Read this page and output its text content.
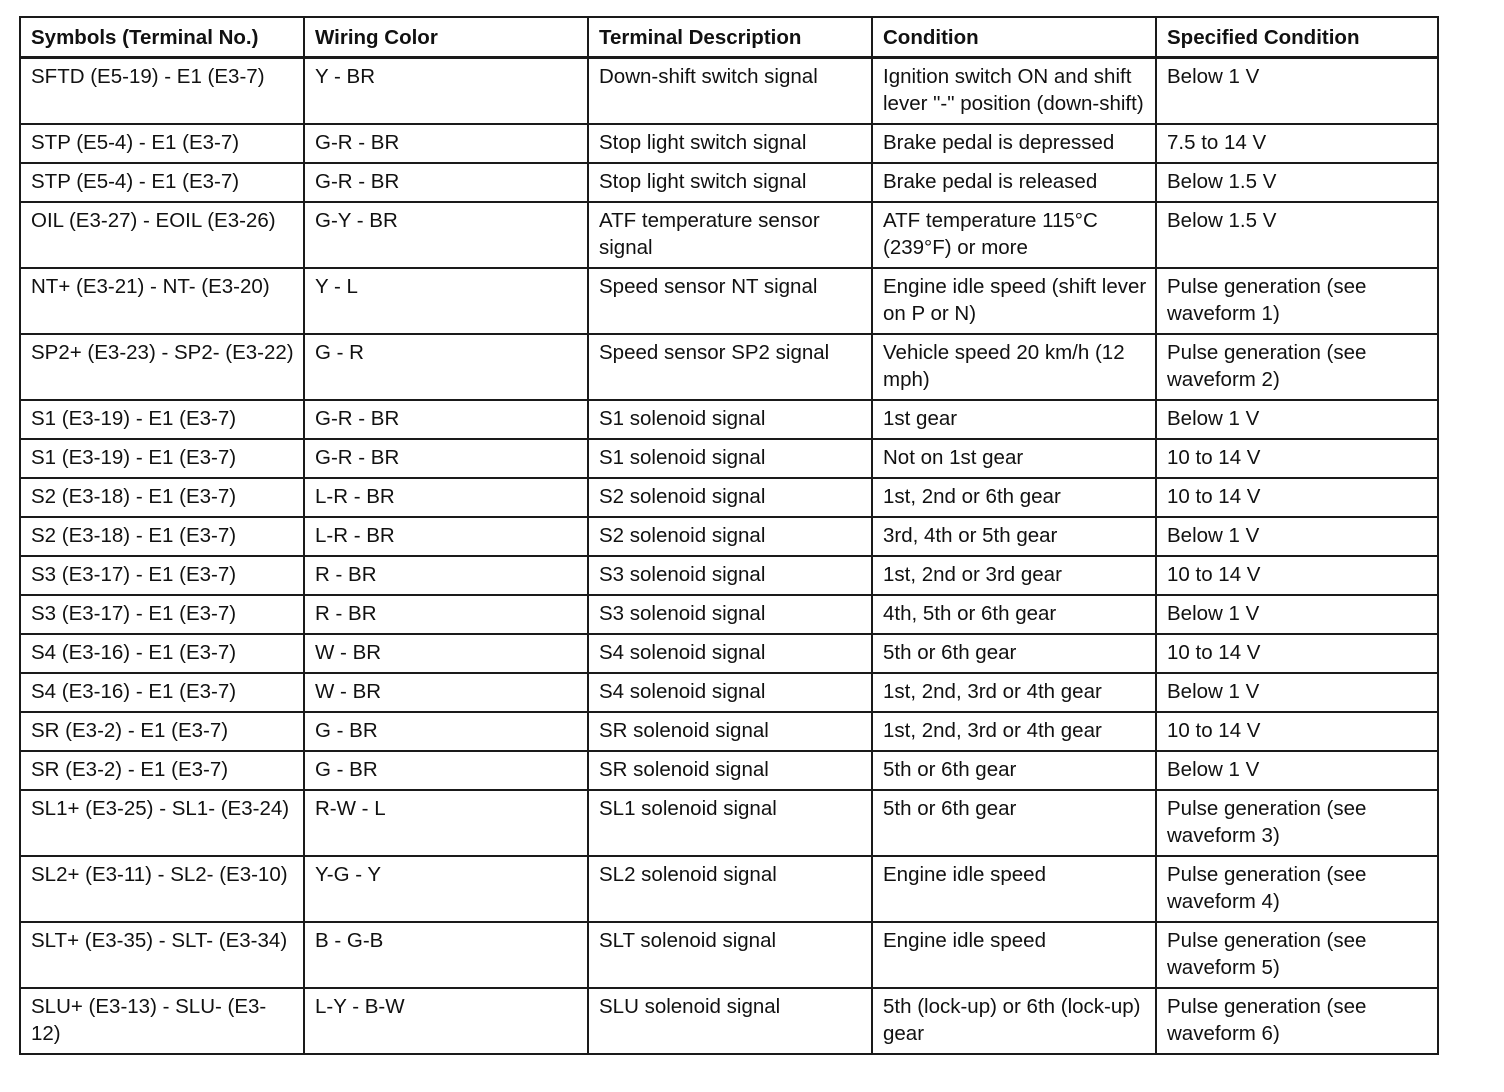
Symbols (Terminal No.)	Wiring Color	Terminal Description	Condition	Specified Condition
SFTD (E5-19) - E1 (E3-7)	Y - BR	Down-shift switch signal	Ignition switch ON and shift lever "-" position (down-shift)	Below 1 V
STP (E5-4) - E1 (E3-7)	G-R - BR	Stop light switch signal	Brake pedal is depressed	7.5 to 14 V
STP (E5-4) - E1 (E3-7)	G-R - BR	Stop light switch signal	Brake pedal is released	Below 1.5 V
OIL (E3-27) - EOIL (E3-26)	G-Y - BR	ATF temperature sensor signal	ATF temperature 115°C (239°F) or more	Below 1.5 V
NT+ (E3-21) - NT- (E3-20)	Y - L	Speed sensor NT signal	Engine idle speed (shift lever on P or N)	Pulse generation (see waveform 1)
SP2+ (E3-23) - SP2- (E3-22)	G - R	Speed sensor SP2 signal	Vehicle speed 20 km/h (12 mph)	Pulse generation (see waveform 2)
S1 (E3-19) - E1 (E3-7)	G-R - BR	S1 solenoid signal	1st gear	Below 1 V
S1 (E3-19) - E1 (E3-7)	G-R - BR	S1 solenoid signal	Not on 1st gear	10 to 14 V
S2 (E3-18) - E1 (E3-7)	L-R - BR	S2 solenoid signal	1st, 2nd or 6th gear	10 to 14 V
S2 (E3-18) - E1 (E3-7)	L-R - BR	S2 solenoid signal	3rd, 4th or 5th gear	Below 1 V
S3 (E3-17) - E1 (E3-7)	R - BR	S3 solenoid signal	1st, 2nd or 3rd gear	10 to 14 V
S3 (E3-17) - E1 (E3-7)	R - BR	S3 solenoid signal	4th, 5th or 6th gear	Below 1 V
S4 (E3-16) - E1 (E3-7)	W - BR	S4 solenoid signal	5th or 6th gear	10 to 14 V
S4 (E3-16) - E1 (E3-7)	W - BR	S4 solenoid signal	1st, 2nd, 3rd or 4th gear	Below 1 V
SR (E3-2) - E1 (E3-7)	G - BR	SR solenoid signal	1st, 2nd, 3rd or 4th gear	10 to 14 V
SR (E3-2) - E1 (E3-7)	G - BR	SR solenoid signal	5th or 6th gear	Below 1 V
SL1+ (E3-25) - SL1- (E3-24)	R-W - L	SL1 solenoid signal	5th or 6th gear	Pulse generation (see waveform 3)
SL2+ (E3-11) - SL2- (E3-10)	Y-G - Y	SL2 solenoid signal	Engine idle speed	Pulse generation (see waveform 4)
SLT+ (E3-35) - SLT- (E3-34)	B - G-B	SLT solenoid signal	Engine idle speed	Pulse generation (see waveform 5)
SLU+ (E3-13) - SLU- (E3-12)	L-Y - B-W	SLU solenoid signal	5th (lock-up) or 6th (lock-up) gear	Pulse generation (see waveform 6)
